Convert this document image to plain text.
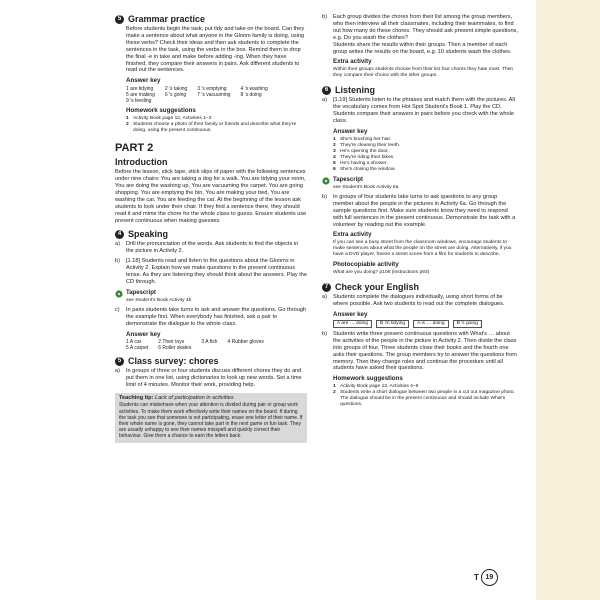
5 Grammar practice

Before students begin the task, put tidy and take on the board. Can they make a sentence about what anyone in the Gloom family is doing, using these verbs? Check their ideas and then ask students to complete the sentences in the task, using the verbs in the box. Remind them to drop the final -e in take and make before adding -ing. When they have finished, they compare their answers in pairs. Ask different students to read out the sentences.

Answer key
1 are tidying	2 's taking 3 's emptying	4 's washing
5 are making 6 's going 7 's vacuuming 8 's doing
9 's feeding
Homework suggestions
1 Activity Book page 12, Activities 1–3
2 Students choose a photo of their family or friends and describe what they're doing, using the present continuous.
PART 2
Introduction

Before the lesson, stick tape, stick slips of paper with the following sentences under nine chairs: You are taking a dog for a walk. You are tidying your room, You are doing the washing up, You are vacuuming the carpet. You are going shopping. You are emptying the bin, You are making your bed, You are washing the car. You are feeding the cat. At the beginning of the lesson ask students to look under their chair. If they find a sentence there, they should read it and mime the chore for the whole class to guess. Ensure students use present continuous when making guesses.

4 Speaking
a)	Drill the pronunciation of the words. Ask students to find the objects in the picture in Activity 2.
b)	[1.18] Students read and listen to the questions about the Glooms in Activity 2. Explain how we make questions in the present continuous tense. As they are listening they should think about the answers. Play the CD through.
Tapescript
see Student's Book Activity 4b
c)	In pairs students take turns to ask and answer the questions. Go through the example first. When everybody has finished, ask a pair to demonstrate the dialogue to the whole class.
Answer key
1 A car	2 Their toys	3 A fish 4 Rubber gloves
5 A carpet 6 Roller skates
5 Class survey: chores
a)	In groups of three or four students discuss different chores they do and put them in one list, using dictionaries to look up new words. Set a time limit of 4 minutes. Monitor their work, providing help.
Teaching tip: Lack of participation in activities
Students can misbehave when your attention is divided during pair or group work activities. To make them work effectively write their names on the board. If during the task you see that someone is not participating, erase one letter of their name. If their whole name is gone, they cannot take part in the next game or fun task. They are usually unhappy to see their names misspelt and quickly correct their behaviour. Give them a chance to earn the letters back.
b)	Each group divides the chores from their list among the group members, who then interview all their classmates, including their teammates, to find out how many do these chores. They should ask present simple questions, e.g. Do you wash the clothes?
Students share the results within their groups. Then a member of each group writes the results on the board, e.g. 10 students wash the clothes.
Extra activity
Within their groups students choose from their list four chores they hate most. Then they compare their choice with the other groups.
6 Listening
a)	[1.19] Students listen to the phrases and match them with the pictures. All the vocabulary comes from Hot Spot Student's Book 1. Play the CD. Students compare their answers in pairs before you check with the whole class.
Answer key
1 She's brushing her hair.
2 They're cleaning their teeth.
3 He's opening the door.
4 They're riding their bikes.
5 He's having a shower.
6 She's closing the window.
Tapescript
see Student's Book Activity 6a
b)	In groups of four students take turns to ask questions to any group member about the people in the pictures in Activity 6a. Go through the sample questions first. Make sure students know they need to respond with full sentences in the present continuous. Demonstrate the task with a volunteer by reading out the example.
Extra activity
If you can see a busy street from the classroom windows, encourage students to make sentences about what the people on the street are doing. Alternatively, if you have a DVD player, freeze a street scene from a film for students to describe.
Photocopiable activity
What are you doing? p106 (instructions p93)
7 Check your English
a)	Students complete the dialogues individually, using short forms of be where possible. Ask two students to read out the complete dialogues.
Answer key
A are … doing	B 'm tidying	A is … doing	B 's going
b)	Students write three present continuous questions with What's … about the activities of the people in the picture in Activity 2. Then divide the class into groups of four. Three students close their books and the fourth one asks their questions. The group members try to answer the questions from memory. Then they change roles and continue the procedure until all students have asked their questions.
Homework suggestions
1 Activity Book page 13, Activities 4–6
2 Students write a short dialogue between two people in a cut out magazine photo. The dialogue should be in the present continuous and should include What's questions.
T 19
